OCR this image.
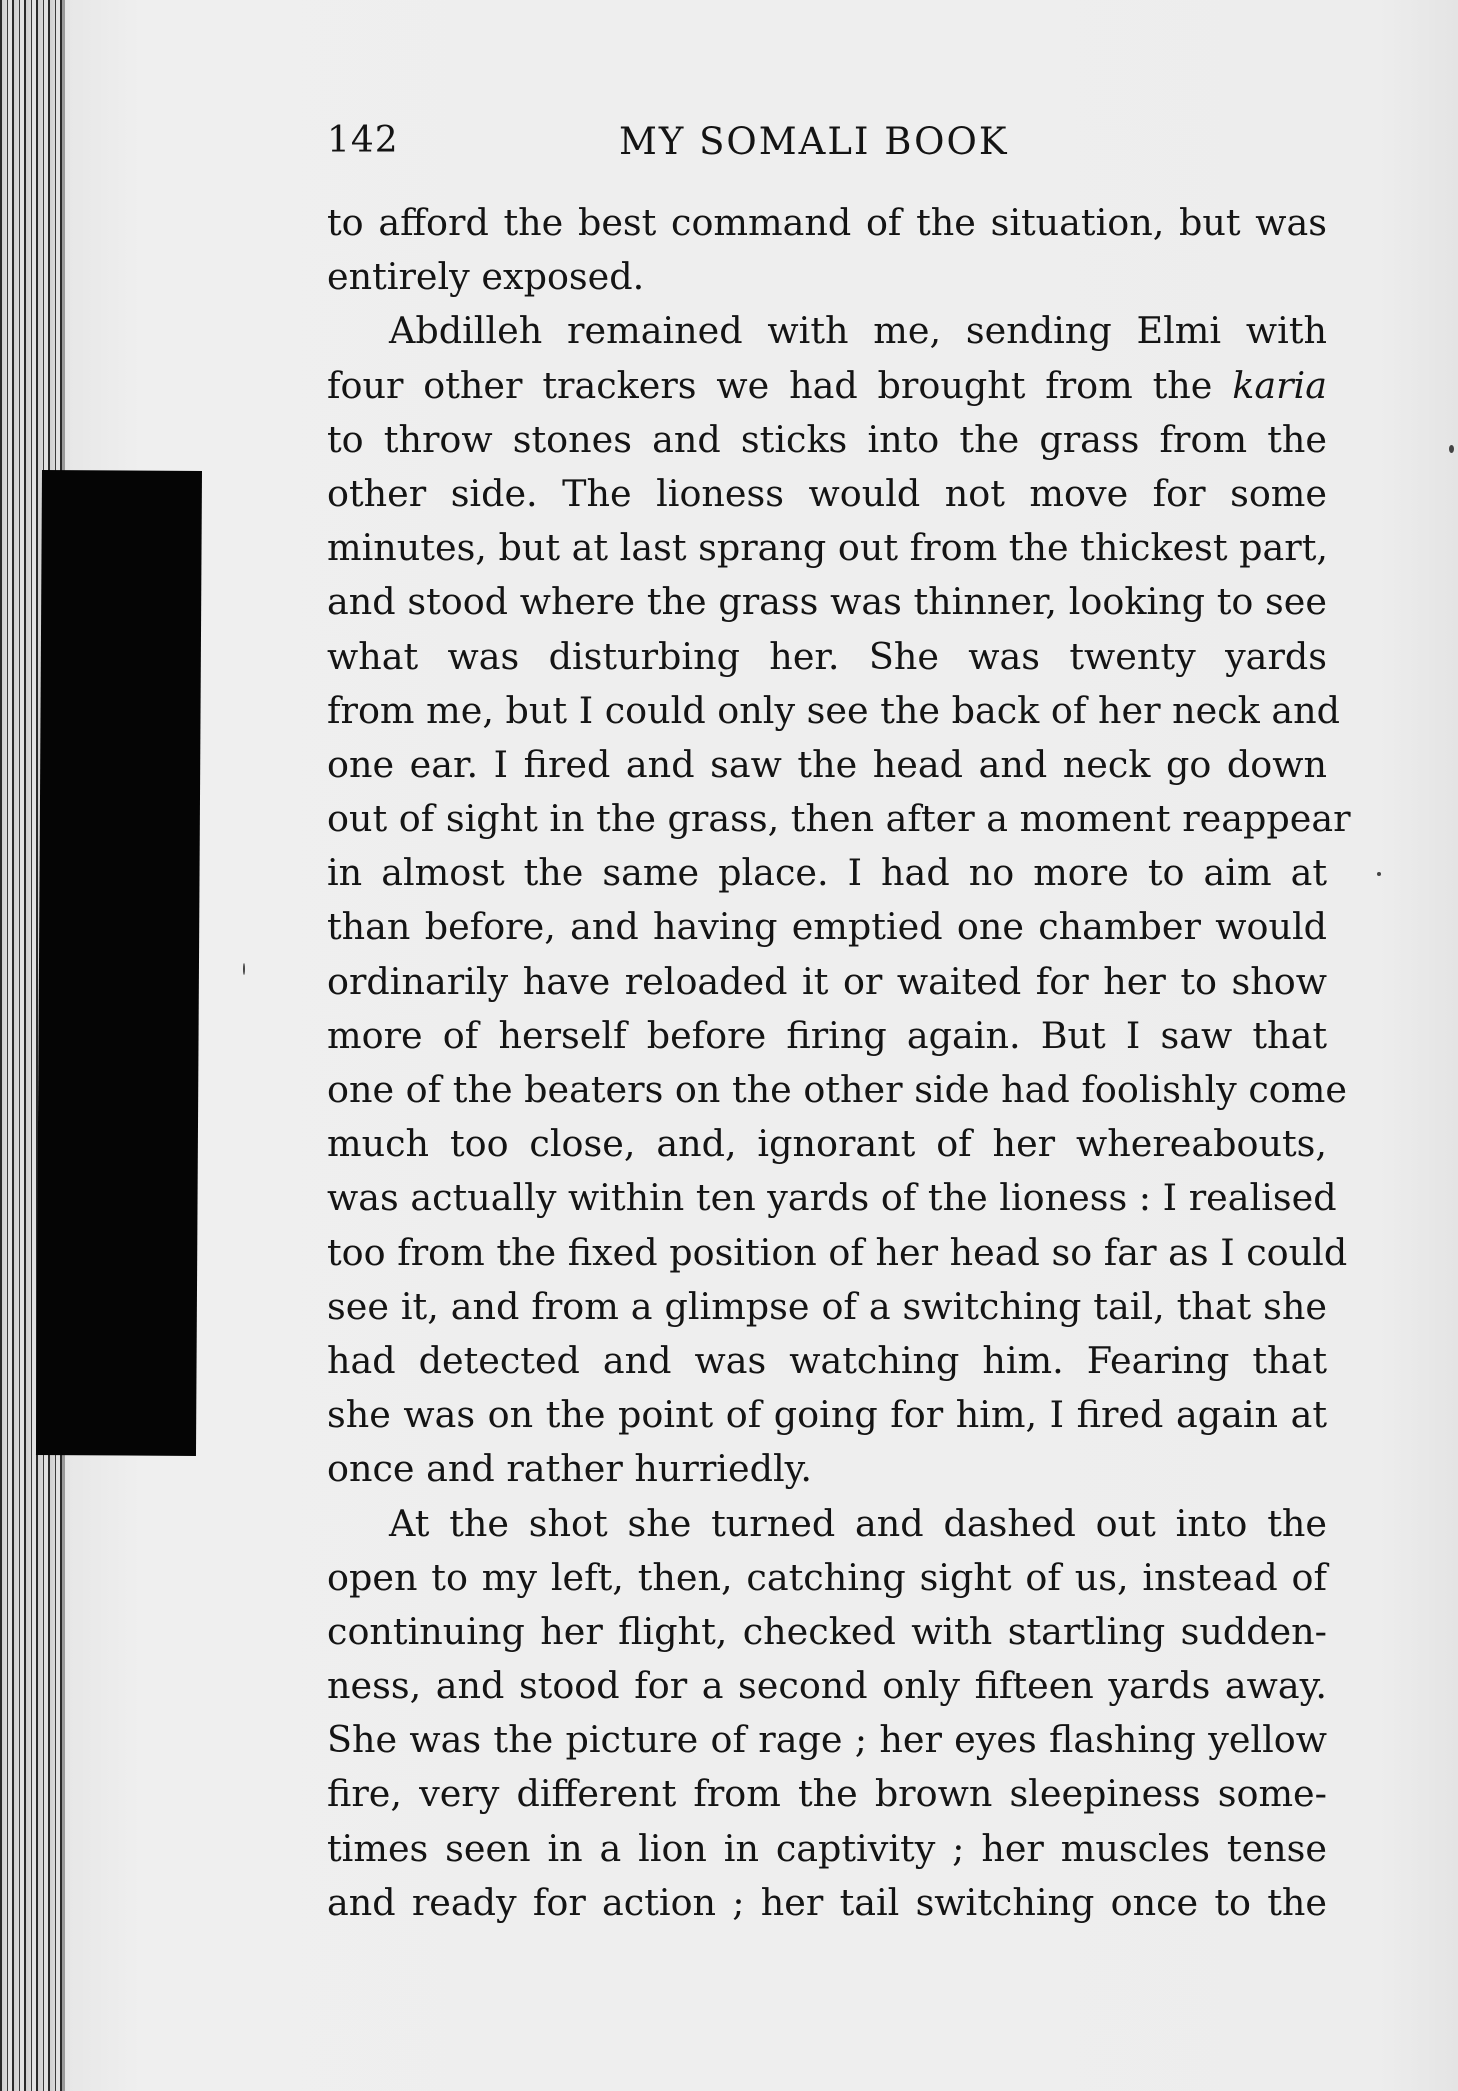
142	MY SOMALI BOOK
to afford the best command of the situation, but was
entirely exposed.
Abdilleh remained with me, sending Elmi with
four other trackers we had brought from the karia
to throw stones and sticks into the grass from the
other side. The lioness would not move for some
minutes, but at last sprang out from the thickest part,
and stood where the grass was thinner, looking to see
what was disturbing her. She was twenty yards
from me, but I could only see the back of her neck and
one ear. I fired and saw the head and neck go down
out of sight in the grass, then after a moment reappear
in almost the same place. I had no more to aim at
than before, and having emptied one chamber would
ordinarily have reloaded it or waited for her to show
more of herself before firing again. But I saw that
one of the beaters on the other side had foolishly come
much too close, and, ignorant of her whereabouts,
was actually within ten yards of the lioness : I realised
too from the fixed position of her head so far as I could
see it, and from a glimpse of a switching tail, that she
had detected and was watching him. Fearing that
she was on the point of going for him, I fired again at
once and rather hurriedly.
At the shot she turned and dashed out into the
open to my left, then, catching sight of us, instead of
continuing her flight, checked with startling sudden-
ness, and stood for a second only fifteen yards away.
She was the picture of rage ; her eyes flashing yellow
fire, very different from the brown sleepiness some-
times seen in a lion in captivity ; her muscles tense
and ready for action ; her tail switching once to the
